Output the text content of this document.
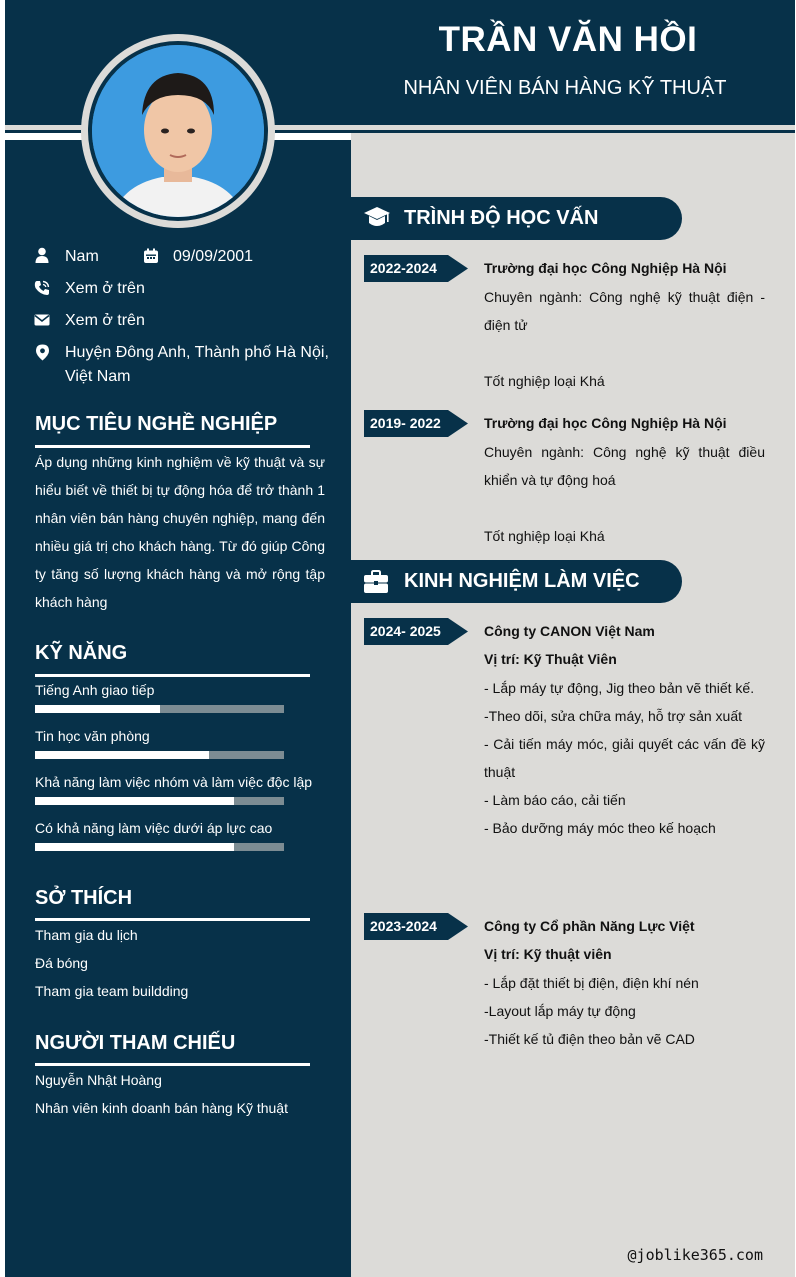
TRẦN VĂN HỒI
NHÂN VIÊN BÁN HÀNG KỸ THUẬT
Nam	09/09/2001
Xem ở trên
Xem ở trên
Huyện Đông Anh, Thành phố Hà Nội,
Việt Nam
MỤC TIÊU NGHỀ NGHIỆP
Áp dụng những kinh nghiệm về kỹ thuật và sự hiểu biết về thiết bị tự động hóa để trở thành 1 nhân viên bán hàng chuyên nghiệp, mang đến nhiều giá trị cho khách hàng. Từ đó giúp Công ty tăng số lượng khách hàng và mở rộng tập khách hàng
KỸ NĂNG
Tiếng Anh giao tiếp
Tin học văn phòng
Khả năng làm việc nhóm và làm việc độc lập
Có khả năng làm việc dưới áp lực cao
SỞ THÍCH
Tham gia du lịch
Đá bóng
Tham gia team buildding
NGƯỜI THAM CHIẾU
Nguyễn Nhật Hoàng
Nhân viên kinh doanh bán hàng Kỹ thuật
TRÌNH ĐỘ HỌC VẤN
2022-2024	Trường đại học Công Nghiệp Hà Nội
Chuyên ngành: Công nghệ kỹ thuật điện - điện tử
Tốt nghiệp loại Khá
2019- 2022	Trường đại học Công Nghiệp Hà Nội
Chuyên ngành: Công nghệ kỹ thuật điều khiển và tự động hoá
Tốt nghiệp loại Khá
KINH NGHIỆM LÀM VIỆC
2024- 2025	Công ty CANON Việt Nam
Vị trí: Kỹ Thuật Viên
- Lắp máy tự động, Jig theo bản vẽ thiết kế.
-Theo dõi, sửa chữa máy, hỗ trợ sản xuất
- Cải tiến máy móc, giải quyết các vấn đề kỹ thuật
- Làm báo cáo, cải tiến
- Bảo dưỡng máy móc theo kế hoạch
2023-2024	Công ty Cổ phần Năng Lực Việt
Vị trí: Kỹ thuật viên
- Lắp đặt thiết bị điện, điện khí nén
-Layout lắp máy tự động
-Thiết kế tủ điện theo bản vẽ CAD
@joblike365.com
